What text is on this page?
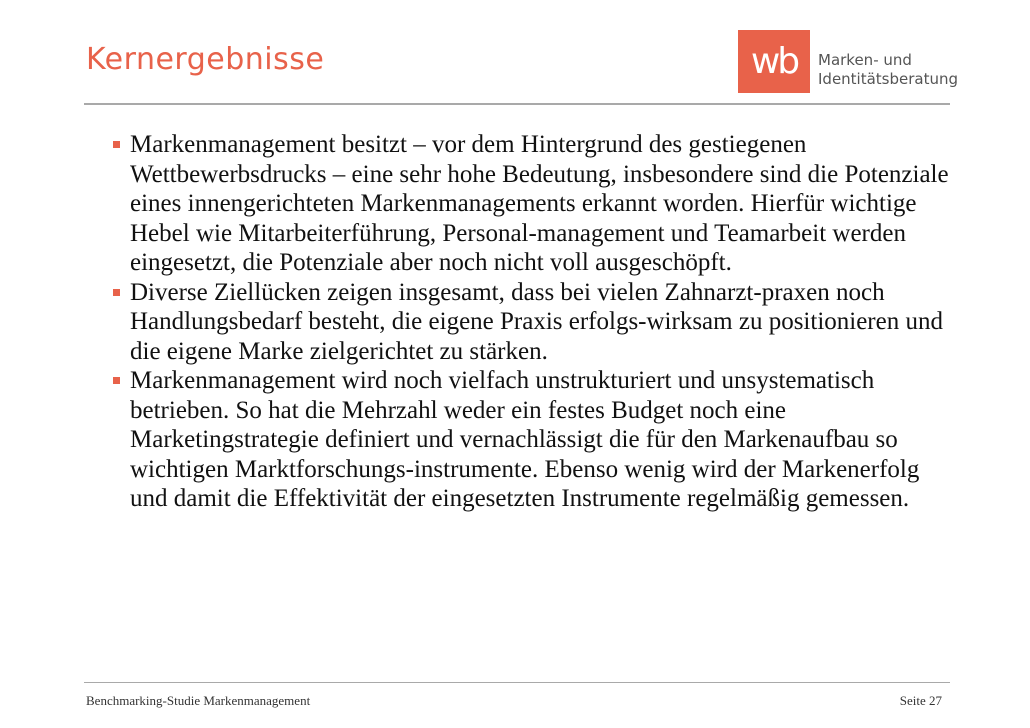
Kernergebnisse	wb Marken- und
Identitätsberatung
Markenmanagement besitzt – vor dem Hintergrund des gestiegenen Wettbewerbsdrucks – eine sehr hohe Bedeutung, insbesondere sind die Potenziale eines innengerichteten Markenmanagements erkannt worden. Hierfür wichtige Hebel wie Mitarbeiterführung, Personal-management und Teamarbeit werden eingesetzt, die Potenziale aber noch nicht voll ausgeschöpft.
Diverse Ziellücken zeigen insgesamt, dass bei vielen Zahnarzt-praxen noch Handlungsbedarf besteht, die eigene Praxis erfolgs-wirksam zu positionieren und die eigene Marke zielgerichtet zu stärken.
Markenmanagement wird noch vielfach unstrukturiert und unsystematisch betrieben. So hat die Mehrzahl weder ein festes Budget noch eine Marketingstrategie definiert und vernachlässigt die für den Markenaufbau so wichtigen Marktforschungs-instrumente. Ebenso wenig wird der Markenerfolg und damit die Effektivität der eingesetzten Instrumente regelmäßig gemessen.
Benchmarking-Studie Markenmanagement	Seite 27
